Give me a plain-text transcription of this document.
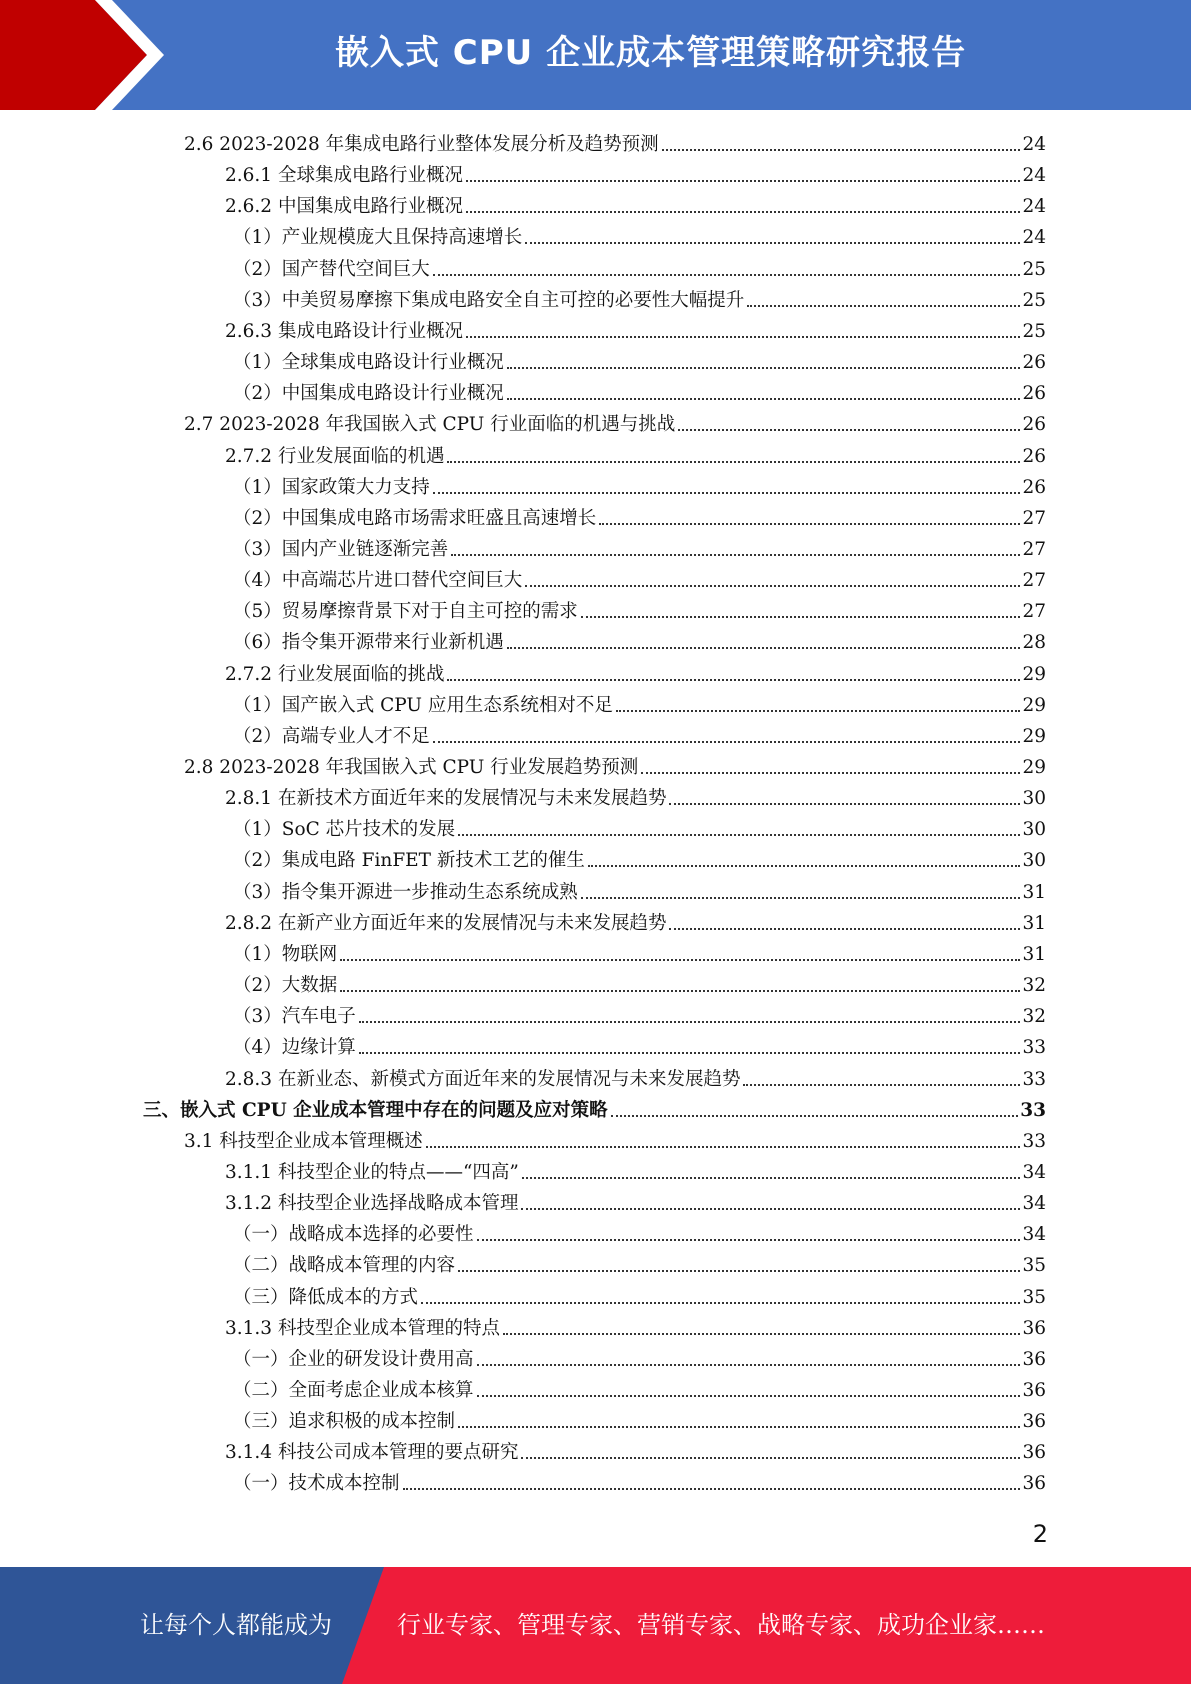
嵌入式 CPU 企业成本管理策略研究报告
2.6 2023-2028 年集成电路行业整体发展分析及趋势预测	24
2.6.1 全球集成电路行业概况	24
2.6.2 中国集成电路行业概况	24
（1）产业规模庞大且保持高速增长	24
（2）国产替代空间巨大	25
（3）中美贸易摩擦下集成电路安全自主可控的必要性大幅提升	25
2.6.3 集成电路设计行业概况	25
（1）全球集成电路设计行业概况	26
（2）中国集成电路设计行业概况	26
2.7 2023-2028 年我国嵌入式 CPU 行业面临的机遇与挑战	26
2.7.2 行业发展面临的机遇	26
（1）国家政策大力支持	26
（2）中国集成电路市场需求旺盛且高速增长	27
（3）国内产业链逐渐完善	27
（4）中高端芯片进口替代空间巨大	27
（5）贸易摩擦背景下对于自主可控的需求	27
（6）指令集开源带来行业新机遇	28
2.7.2 行业发展面临的挑战	29
（1）国产嵌入式 CPU 应用生态系统相对不足	29
（2）高端专业人才不足	29
2.8 2023-2028 年我国嵌入式 CPU 行业发展趋势预测	29
2.8.1 在新技术方面近年来的发展情况与未来发展趋势	30
（1）SoC 芯片技术的发展	30
（2）集成电路 FinFET 新技术工艺的催生	30
（3）指令集开源进一步推动生态系统成熟	31
2.8.2 在新产业方面近年来的发展情况与未来发展趋势	31
（1）物联网	31
（2）大数据	32
（3）汽车电子	32
（4）边缘计算	33
2.8.3 在新业态、新模式方面近年来的发展情况与未来发展趋势	33
三、嵌入式 CPU 企业成本管理中存在的问题及应对策略	33
3.1 科技型企业成本管理概述	33
3.1.1 科技型企业的特点——“四高”	34
3.1.2 科技型企业选择战略成本管理	34
（一）战略成本选择的必要性	34
（二）战略成本管理的内容	35
（三）降低成本的方式	35
3.1.3 科技型企业成本管理的特点	36
（一）企业的研发设计费用高	36
（二）全面考虑企业成本核算	36
（三）追求积极的成本控制	36
3.1.4 科技公司成本管理的要点研究	36
（一）技术成本控制	36
2
让每个人都能成为	行业专家、管理专家、营销专家、战略专家、成功企业家……
